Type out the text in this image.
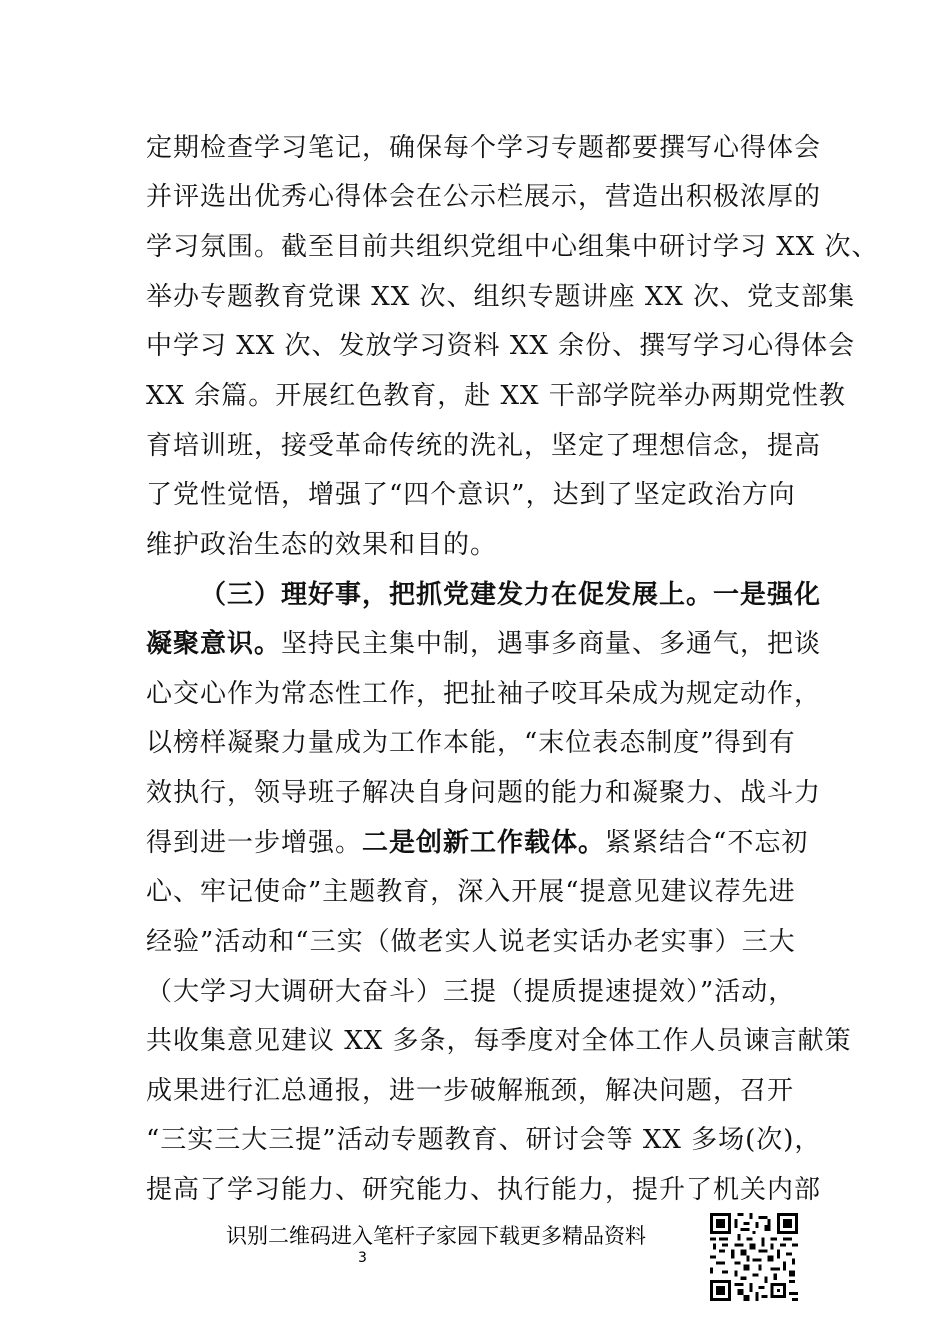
定期检查学习笔记，确保每个学习专题都要撰写心得体会
并评选出优秀心得体会在公示栏展示，营造出积极浓厚的
学习氛围。截至目前共组织党组中心组集中研讨学习 XX 次、
举办专题教育党课 XX 次、组织专题讲座 XX 次、党支部集
中学习 XX 次、发放学习资料 XX 余份、撰写学习心得体会
XX 余篇。开展红色教育，赴 XX 干部学院举办两期党性教
育培训班，接受革命传统的洗礼，坚定了理想信念，提高
了党性觉悟，增强了“四个意识”，达到了坚定政治方向
维护政治生态的效果和目的。
（三）理好事，把抓党建发力在促发展上。一是强化
凝聚意识。坚持民主集中制，遇事多商量、多通气，把谈
心交心作为常态性工作，把扯袖子咬耳朵成为规定动作，
以榜样凝聚力量成为工作本能，“末位表态制度”得到有
效执行，领导班子解决自身问题的能力和凝聚力、战斗力
得到进一步增强。二是创新工作载体。紧紧结合“不忘初
心、牢记使命”主题教育，深入开展“提意见建议荐先进
经验”活动和“三实（做老实人说老实话办老实事）三大
（大学习大调研大奋斗）三提（提质提速提效）”活动，
共收集意见建议 XX 多条，每季度对全体工作人员谏言献策
成果进行汇总通报，进一步破解瓶颈，解决问题，召开
“三实三大三提”活动专题教育、研讨会等 XX 多场(次)，
提高了学习能力、研究能力、执行能力，提升了机关内部
识别二维码进入笔杆子家园下载更多精品资料
3
